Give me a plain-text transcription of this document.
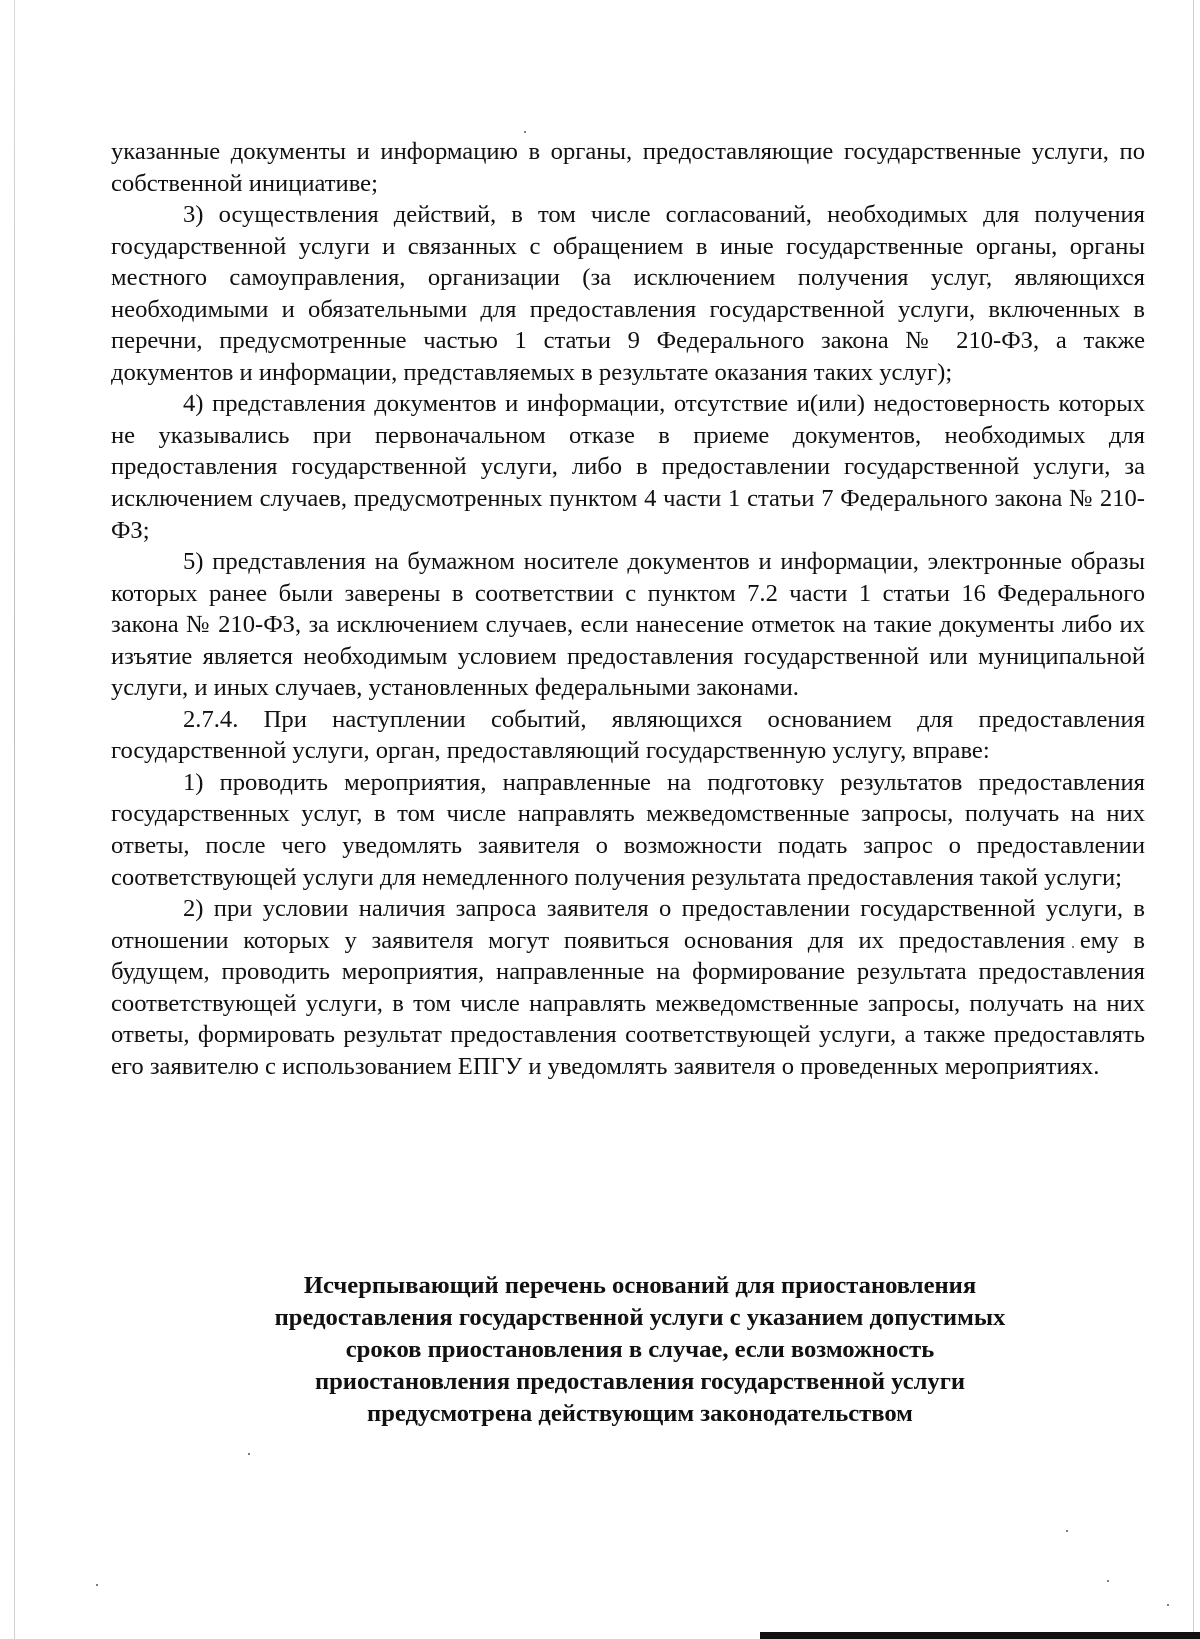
указанные документы и информацию в органы, предоставляющие государственные услуги, по собственной инициативе;

3) осуществления действий, в том числе согласований, необходимых для получения государственной услуги и связанных с обращением в иные государственные органы, органы местного самоуправления, организации (за исключением получения услуг, являющихся необходимыми и обязательными для предоставления государственной услуги, включенных в перечни, предусмотренные частью 1 статьи 9 Федерального закона № 210-ФЗ, а также документов и информации, представляемых в результате оказания таких услуг);

4) представления документов и информации, отсутствие и(или) недостоверность которых не указывались при первоначальном отказе в приеме документов, необходимых для предоставления государственной услуги, либо в предоставлении государственной услуги, за исключением случаев, предусмотренных пунктом 4 части 1 статьи 7 Федерального закона № 210-ФЗ;

5) представления на бумажном носителе документов и информации, электронные образы которых ранее были заверены в соответствии с пунктом 7.2 части 1 статьи 16 Федерального закона № 210-ФЗ, за исключением случаев, если нанесение отметок на такие документы либо их изъятие является необходимым условием предоставления государственной или муниципальной услуги, и иных случаев, установленных федеральными законами.

2.7.4. При наступлении событий, являющихся основанием для предоставления государственной услуги, орган, предоставляющий государственную услугу, вправе:

1) проводить мероприятия, направленные на подготовку результатов предоставления государственных услуг, в том числе направлять межведомственные запросы, получать на них ответы, после чего уведомлять заявителя о возможности подать запрос о предоставлении соответствующей услуги для немедленного получения результата предоставления такой услуги;

2) при условии наличия запроса заявителя о предоставлении государственной услуги, в отношении которых у заявителя могут появиться основания для их предоставления ему в будущем, проводить мероприятия, направленные на формирование результата предоставления соответствующей услуги, в том числе направлять межведомственные запросы, получать на них ответы, формировать результат предоставления соответствующей услуги, а также предоставлять его заявителю с использованием ЕПГУ и уведомлять заявителя о проведенных мероприятиях.

Исчерпывающий перечень оснований для приостановления

предоставления государственной услуги с указанием допустимых

сроков приостановления в случае, если возможность

приостановления предоставления государственной услуги

предусмотрена действующим законодательством
